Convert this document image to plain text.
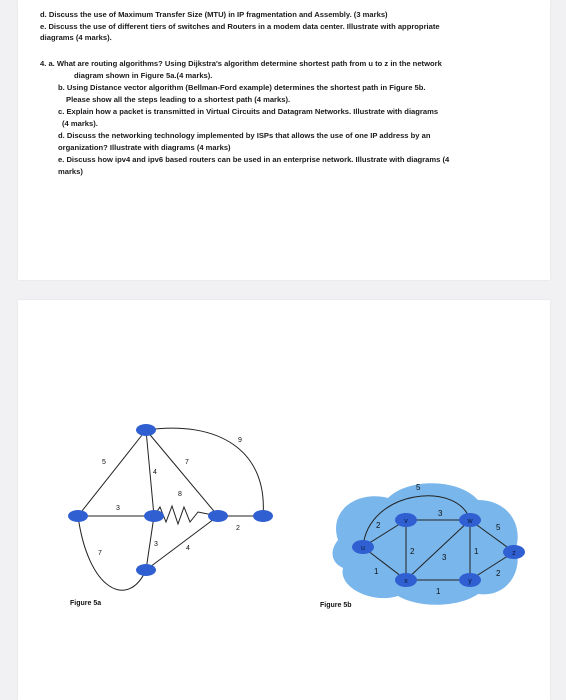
d. Discuss the use of Maximum Transfer Size (MTU) in IP fragmentation and Assembly. (3 marks)
e. Discuss the use of different tiers of switches and Routers in a modem data center. Illustrate with appropriate
diagrams (4 marks).
4. a. What are routing algorithms? Using Dijkstra's algorithm determine shortest path from u to z in the network
diagram shown in Figure 5a.(4 marks).
b. Using Distance vector algorithm (Bellman-Ford example) determines the shortest path in Figure 5b.
Please show all the steps leading to a shortest path (4 marks).
c. Explain how a packet is transmitted in Virtual Circuits and Datagram Networks. Illustrate with diagrams
(4 marks).
d. Discuss the networking technology implemented by ISPs that allows the use of one IP address by an
organization? Illustrate with diagrams (4 marks)
e. Discuss how ipv4 and ipv6 based routers can be used in an enterprise network. Illustrate with diagrams (4
marks)
5
3
7
4
3
7
8
4
2
9
Figure 5a
u
v	w
x	y
z
5
2
3
2
3
1
5
1
1
2
Figure 5b
